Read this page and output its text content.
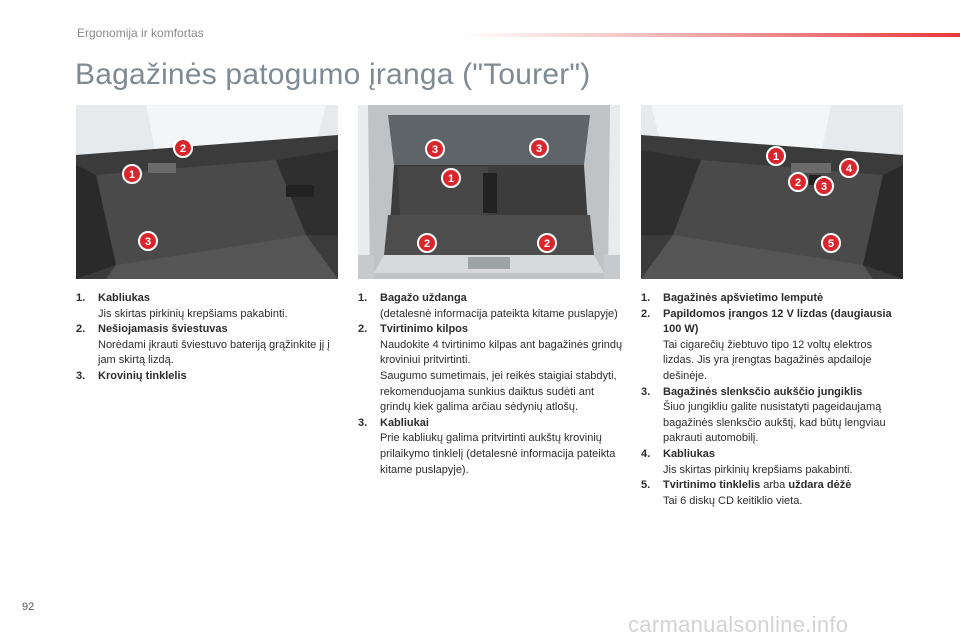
Ergonomija ir komfortas
Bagažinės patogumo įranga ("Tourer")
1
2
3
3	3
1
2	2
1
2 3
4
5
1.	Kabliukas
Jis skirtas pirkinių krepšiams pakabinti.
2.	Nešiojamasis šviestuvas
Norėdami įkrauti šviestuvo bateriją grąžinkite jį į jam skirtą lizdą.
3.	Krovinių tinklelis
1.	Bagažo uždanga
(detalesnė informacija pateikta kitame puslapyje)
2.	Tvirtinimo kilpos
Naudokite 4 tvirtinimo kilpas ant bagažinės grindų kroviniui pritvirtinti.
Saugumo sumetimais, jei reikės staigiai stabdyti, rekomenduojama sunkius daiktus sudėti ant grindų kiek galima arčiau sėdynių atlošų.
3.	Kabliukai
Prie kabliukų galima pritvirtinti aukštų krovinių prilaikymo tinklelį (detalesnė informacija pateikta kitame puslapyje).
1.	Bagažinės apšvietimo lemputė
2.	Papildomos įrangos 12 V lizdas (daugiausia 100 W)
Tai cigarečių žiebtuvo tipo 12 voltų elektros lizdas. Jis yra įrengtas bagažinės apdailoje dešinėje.
3.	Bagažinės slenksčio aukščio jungiklis
Šiuo jungikliu galite nusistatyti pageidaujamą bagažinės slenksčio aukštį, kad būtų lengviau pakrauti automobilį.
4.	Kabliukas
Jis skirtas pirkinių krepšiams pakabinti.
5.	Tvirtinimo tinklelis arba uždara dėžė
Tai 6 diskų CD keitiklio vieta.
92
carmanualsonline.info
